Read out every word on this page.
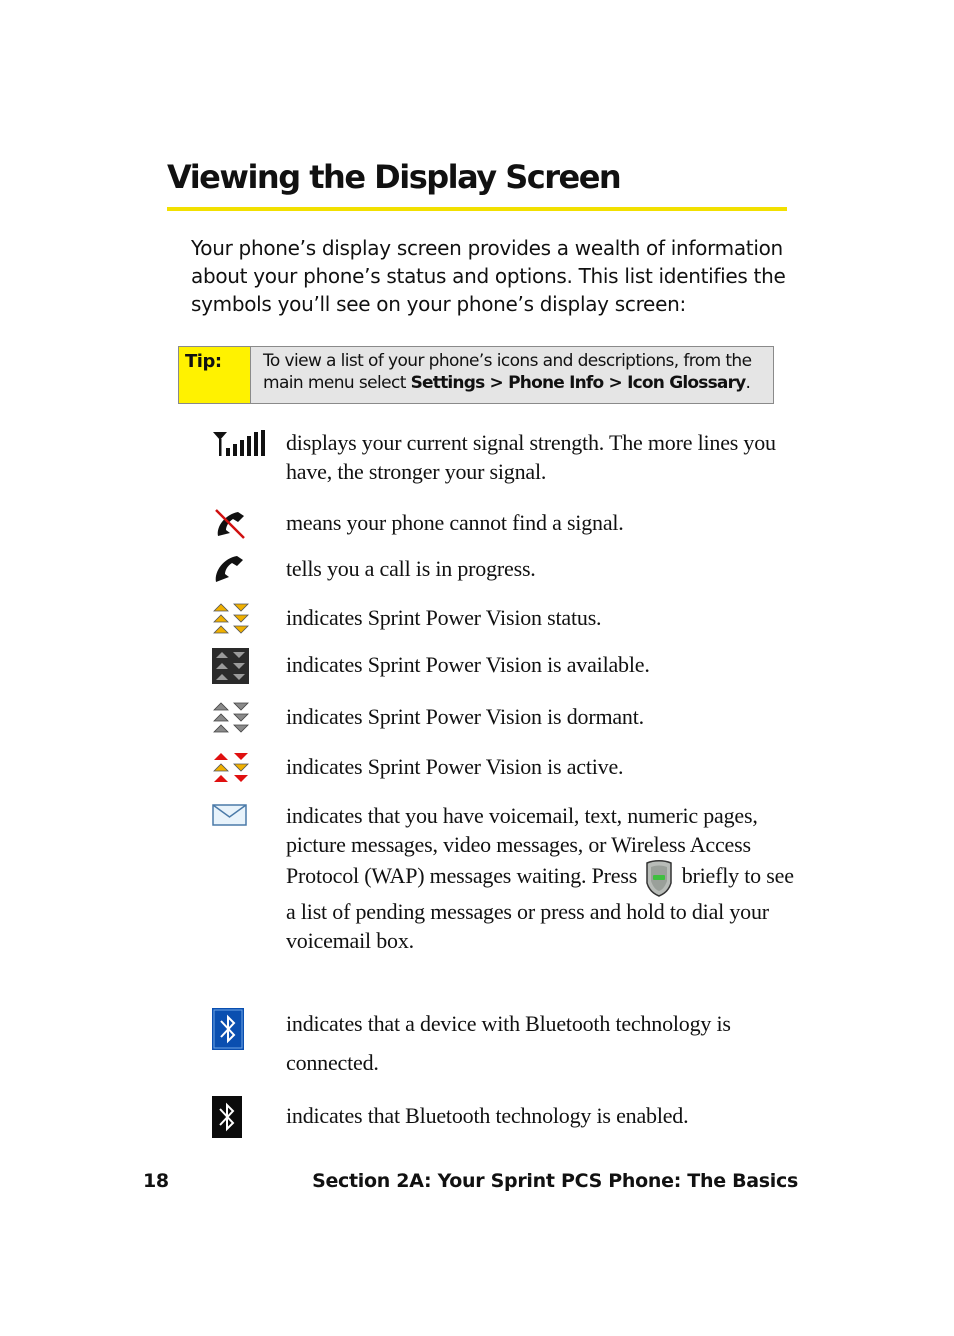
Viewing the Display Screen

Your phone’s display screen provides a wealth of information about your phone’s status and options. This list identifies the symbols you’ll see on your phone’s display screen:

Tip:	To view a list of your phone’s icons and descriptions, from the main menu select Settings > Phone Info > Icon Glossary.

displays your current signal strength. The more lines you have, the stronger your signal.

means your phone cannot find a signal.

tells you a call is in progress.

indicates Sprint Power Vision status.

indicates Sprint Power Vision is available.

indicates Sprint Power Vision is dormant.

indicates Sprint Power Vision is active.

indicates that you have voicemail, text, numeric pages, picture messages, video messages, or Wireless Access Protocol (WAP) messages waiting. Press briefly to see a list of pending messages or press and hold to dial your voicemail box.

indicates that a device with Bluetooth technology is connected.

indicates that Bluetooth technology is enabled.

18	Section 2A: Your Sprint PCS Phone: The Basics
